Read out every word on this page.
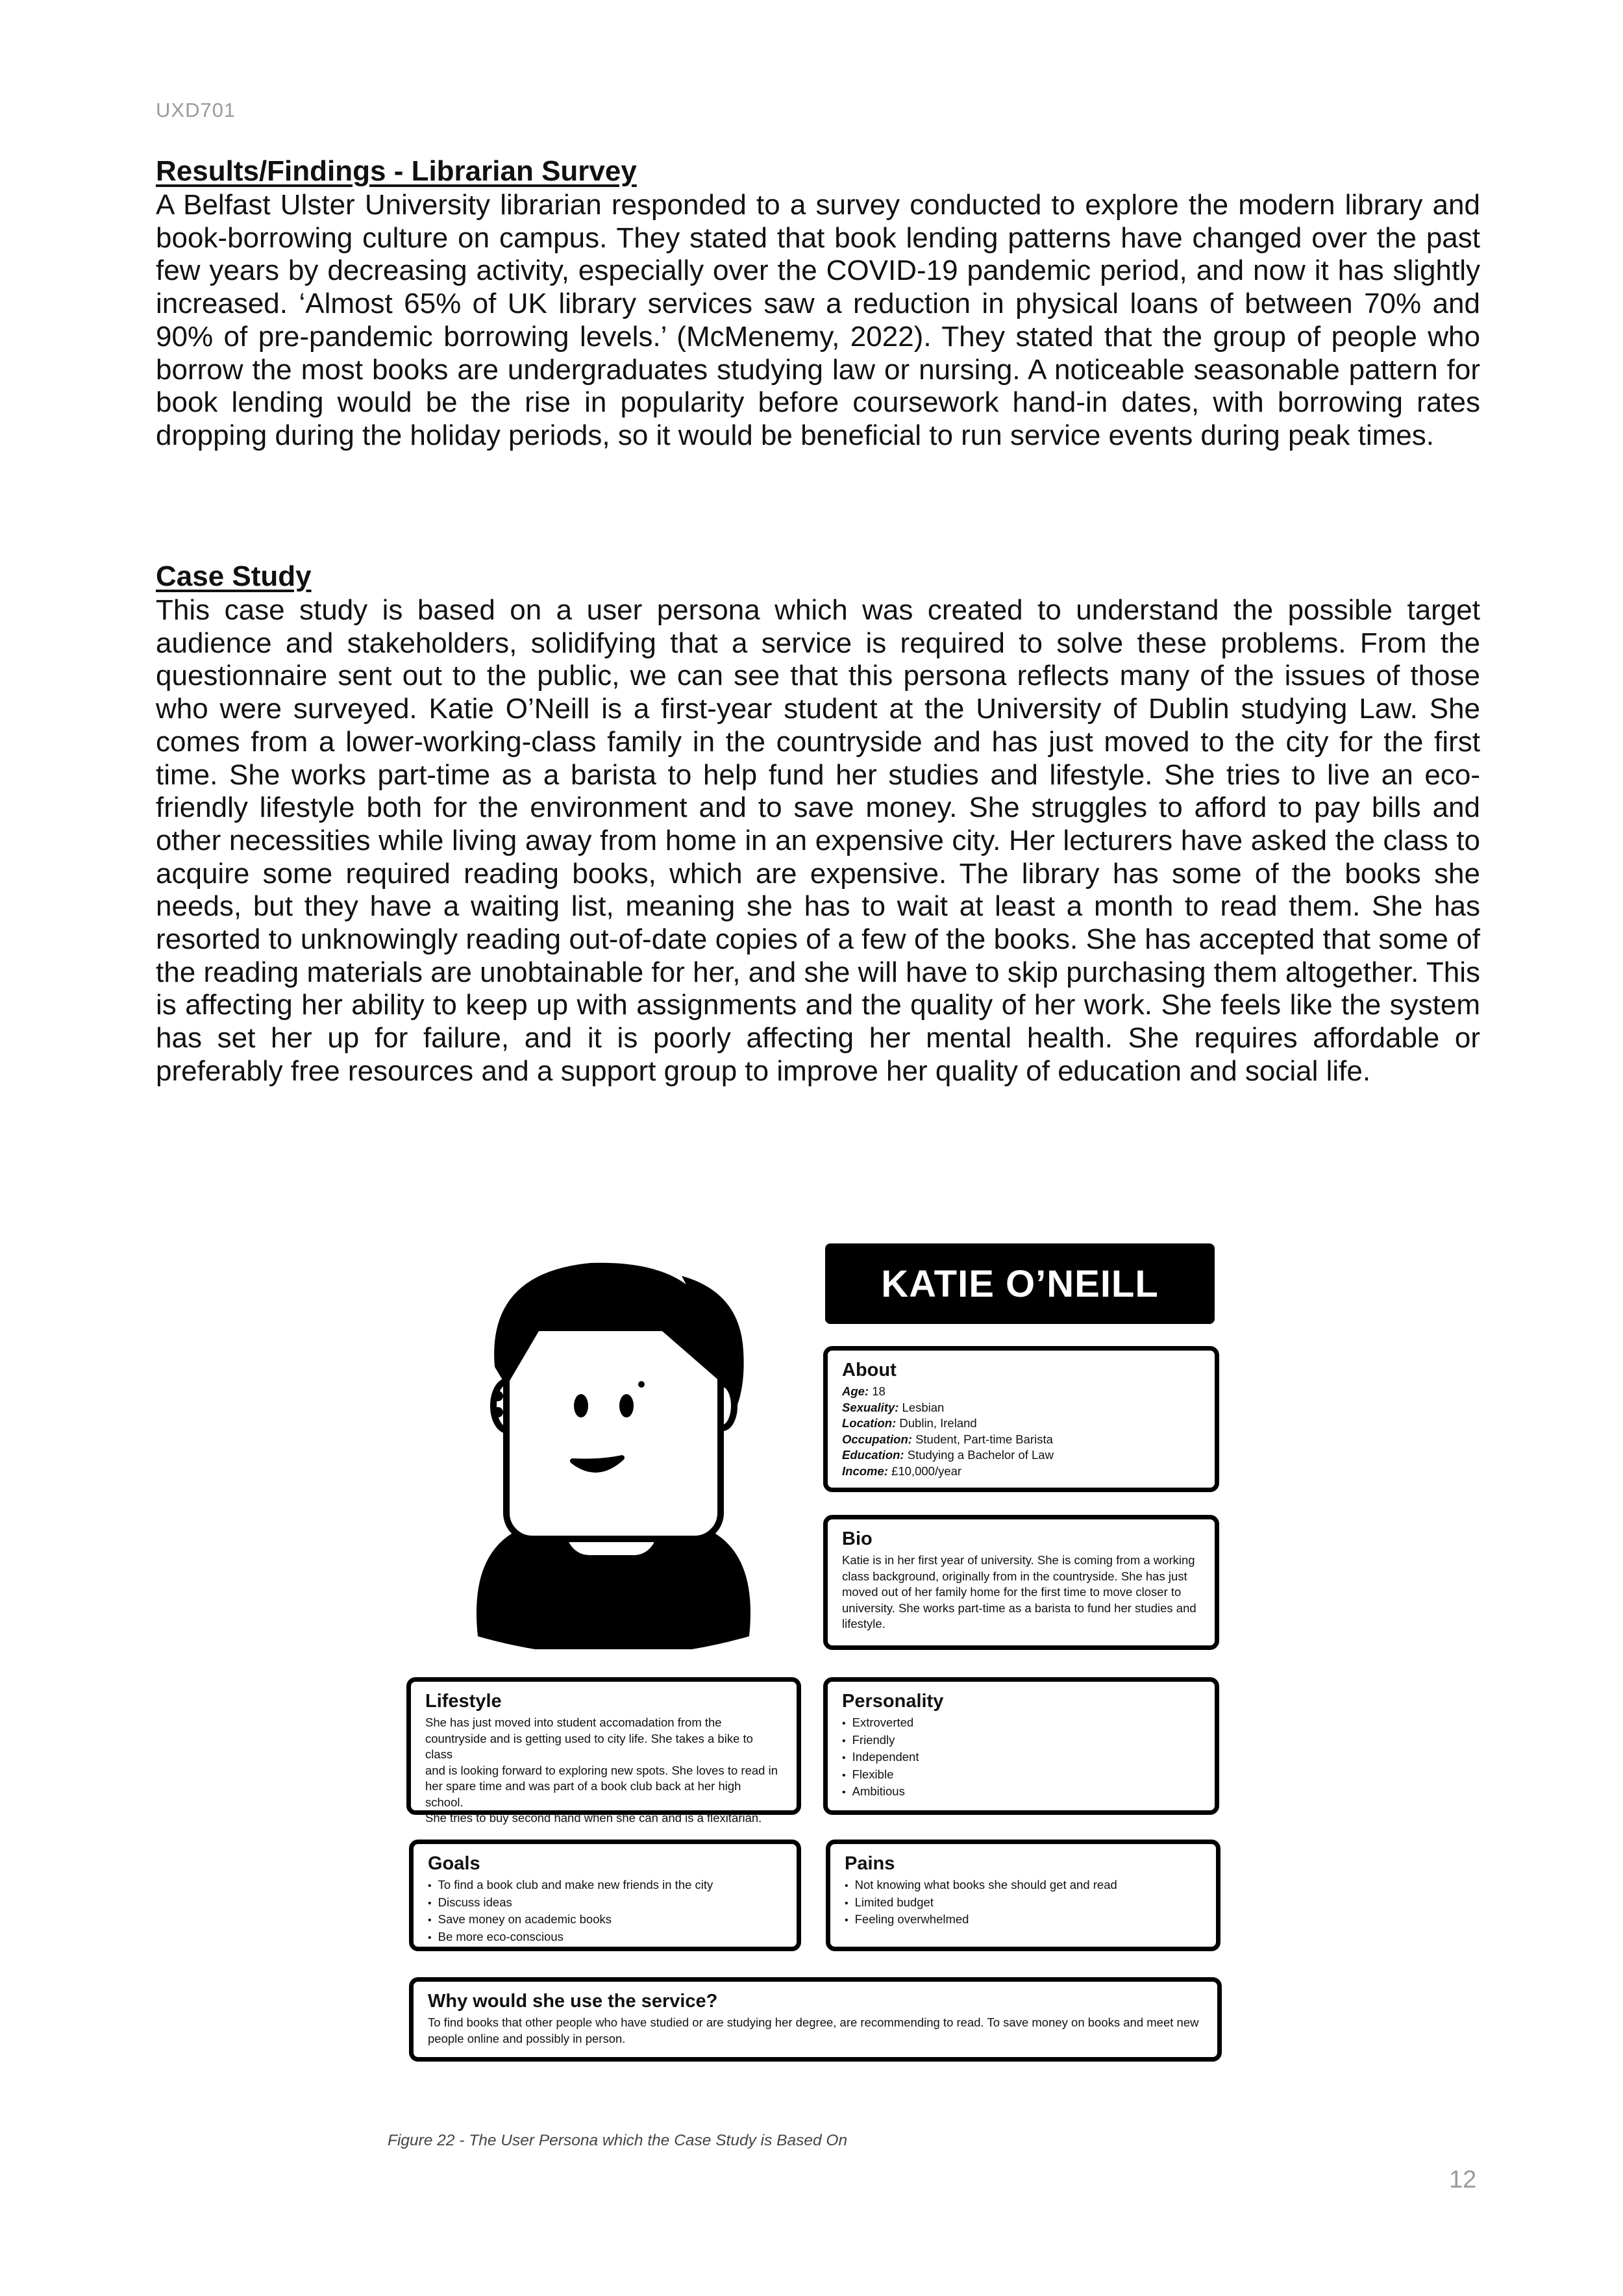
UXD701
Results/Findings - Librarian Survey

A Belfast Ulster University librarian responded to a survey conducted to explore the modern library and book-borrowing culture on campus. They stated that book lending patterns have changed over the past few years by decreasing activity, especially over the COVID-19 pandemic period, and now it has slightly increased. ‘Almost 65% of UK library services saw a reduction in physical loans of between 70% and 90% of pre-pandemic borrowing levels.’ (McMenemy, 2022). They stated that the group of people who borrow the most books are undergraduates studying law or nursing. A noticeable seasonable pattern for book lending would be the rise in popularity before coursework hand-in dates, with borrowing rates dropping during the holiday periods, so it would be beneficial to run service events during peak times.

Case Study

This case study is based on a user persona which was created to understand the possible target audience and stakeholders, solidifying that a service is required to solve these problems. From the questionnaire sent out to the public, we can see that this persona reflects many of the issues of those who were surveyed. Katie O’Neill is a first-year student at the University of Dublin studying Law. She comes from a lower-working-class family in the countryside and has just moved to the city for the first time. She works part-time as a barista to help fund her studies and lifestyle. She tries to live an eco-friendly lifestyle both for the environment and to save money. She struggles to afford to pay bills and other necessities while living away from home in an expensive city. Her lecturers have asked the class to acquire some required reading books, which are expensive. The library has some of the books she needs, but they have a waiting list, meaning she has to wait at least a month to read them. She has resorted to unknowingly reading out-of-date copies of a few of the books. She has accepted that some of the reading materials are unobtainable for her, and she will have to skip purchasing them altogether. This is affecting her ability to keep up with assignments and the quality of her work. She feels like the system has set her up for failure, and it is poorly affecting her mental health. She requires affordable or preferably free resources and a support group to improve her quality of education and social life.

KATIE O’NEILL
About

Age: 18

Sexuality: Lesbian

Location: Dublin, Ireland

Occupation: Student, Part-time Barista

Education: Studying a Bachelor of Law

Income: £10,000/year

Bio

Katie is in her first year of university. She is coming from a working

class background, originally from in the countryside. She has just

moved out of her family home for the first time to move closer to

university. She works part-time as a barista to fund her studies and

lifestyle.

Lifestyle

She has just moved into student accomadation from the

countryside and is getting used to city life. She takes a bike to class

and is looking forward to exploring new spots. She loves to read in

her spare time and was part of a book club back at her high school.

She tries to buy second hand when she can and is a flexitarian.

Personality
• Extroverted
• Friendly
• Independent
• Flexible
• Ambitious
Goals
• To find a book club and make new friends in the city
• Discuss ideas
• Save money on academic books
• Be more eco-conscious
Pains
• Not knowing what books she should get and read
• Limited budget
• Feeling overwhelmed
Why would she use the service?

To find books that other people who have studied or are studying her degree, are recommending to read. To save money on books and meet new

people online and possibly in person.

Figure 22 - The User Persona which the Case Study is Based On
12
